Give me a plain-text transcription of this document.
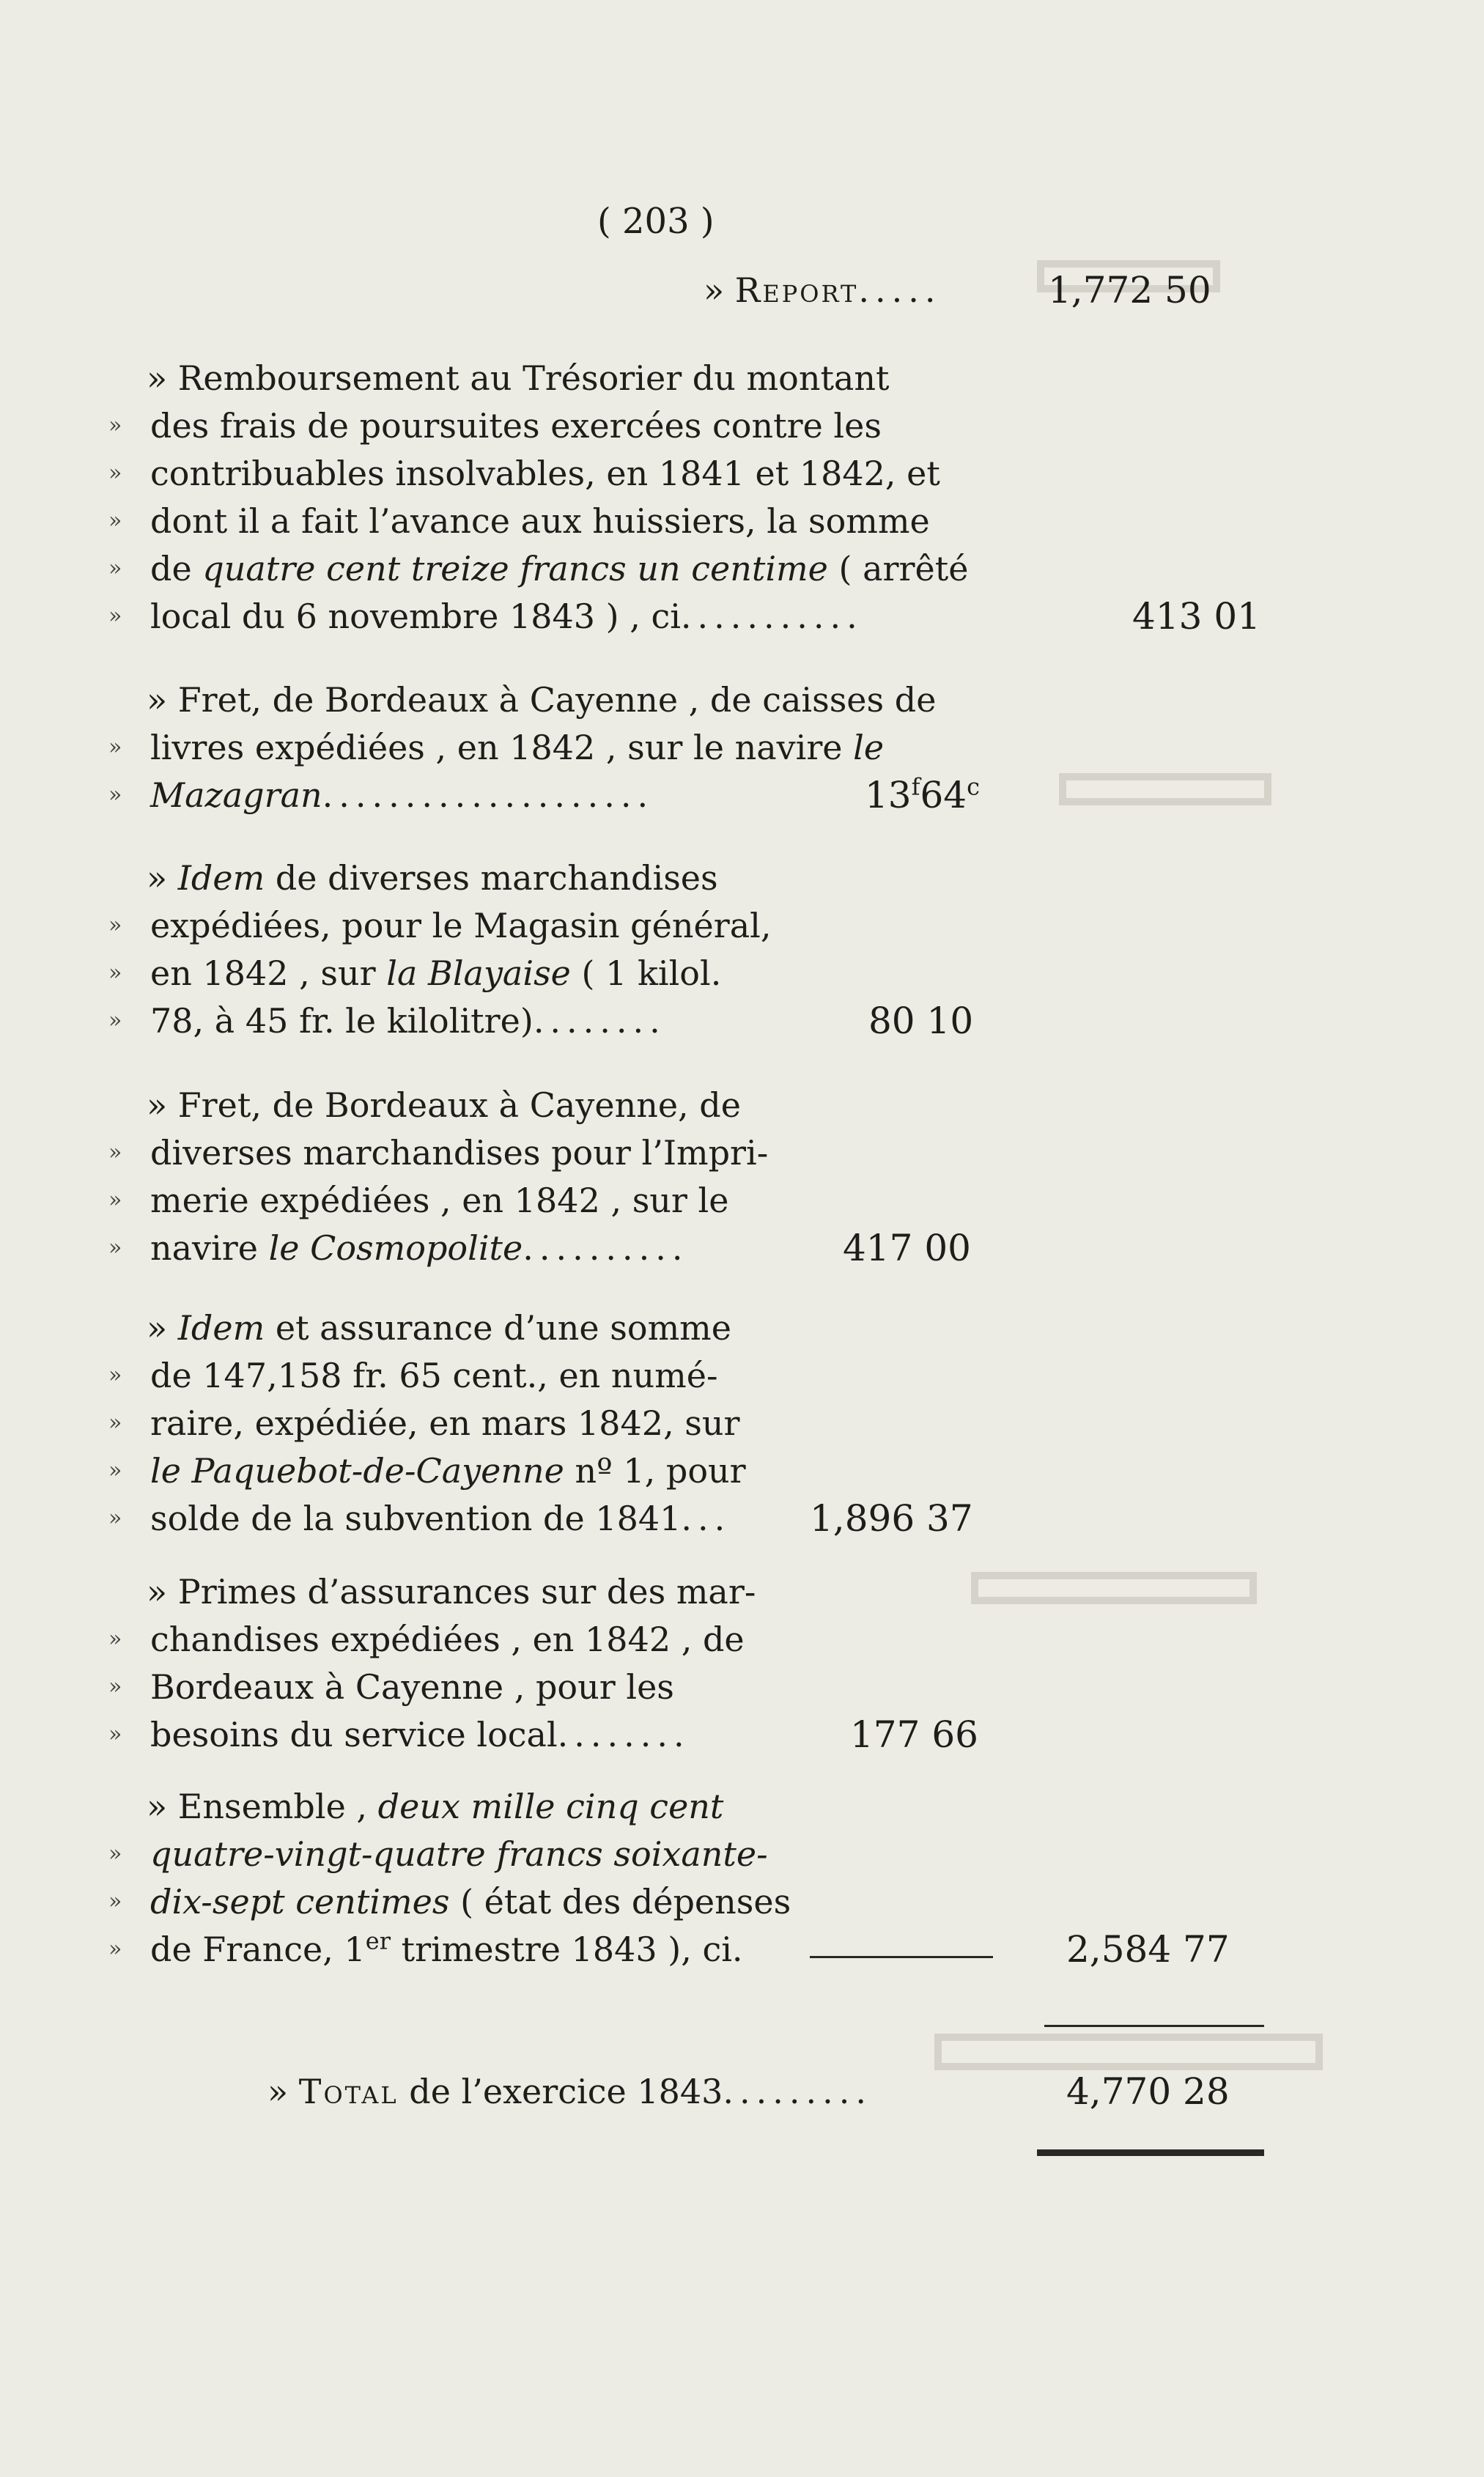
( 203 )
» Report.....	1,772 50
» Remboursement au Trésorier du montant
» des frais de poursuites exercées contre les
» contribuables insolvables, en 1841 et 1842, et
» dont il a fait l’avance aux huissiers, la somme
» de quatre cent treize francs un centime ( arrêté
» local du 6 novembre 1843 ) , ci...........	413 01
» Fret, de Bordeaux à Cayenne , de caisses de
» livres expédiées , en 1842 , sur le navire le
» Mazagran....................	13$^f$64$^c$
» Idem de diverses marchandises
» expédiées, pour le Magasin général,
» en 1842 , sur la Blayaise ( 1 kilol.
» 78, à 45 fr. le kilolitre)........	80 10
» Fret, de Bordeaux à Cayenne, de
» diverses marchandises pour l’Impri-
» merie expédiées , en 1842 , sur le
» navire le Cosmopolite..........	417 00
» Idem et assurance d’une somme
» de 147,158 fr. 65 cent., en numé-
» raire, expédiée, en mars 1842, sur
» le Paquebot-de-Cayenne nº 1, pour
» solde de la subvention de 1841... 1,896 37
» Primes d’assurances sur des mar-
» chandises expédiées , en 1842 , de
» Bordeaux à Cayenne , pour les
» besoins du service local........	177 66
» Ensemble , deux mille cinq cent
» quatre-vingt-quatre francs soixante-
» dix-sept centimes ( état des dépenses
» de France, 1er trimestre 1843 ), ci.	2,584 77
» Total de l’exercice 1843.........	4,770 28
